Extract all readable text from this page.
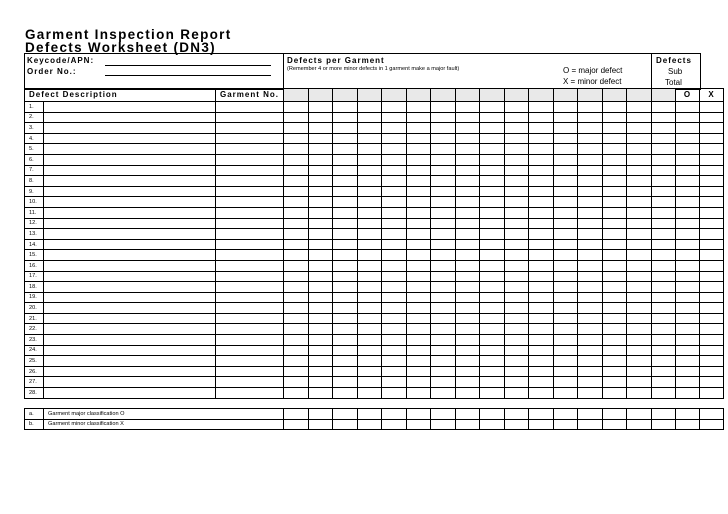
Garment Inspection Report
Defects Worksheet (DN3)
Keycode/APN:
Order No.:
Defects per Garment
(Remember 4 or more minor defects in 1 garment make a major fault)	O = major defect
X = minor defect
Defects
Sub
Total
Defect Description		Garment No.																	O	X
1.																				
2.																				
3.																				
4.																				
5.																				
6.																				
7.																				
8.																				
9.																				
10.																				
11.																				
12.																				
13.																				
14.																				
15.																				
16.																				
17.																				
18.																				
19.																				
20.																				
21.																				
22.																				
23.																				
24.																				
25.																				
26.																				
27.																				
28.																				
a.	Garment major classification O																		
b.	Garment minor classification X																		
